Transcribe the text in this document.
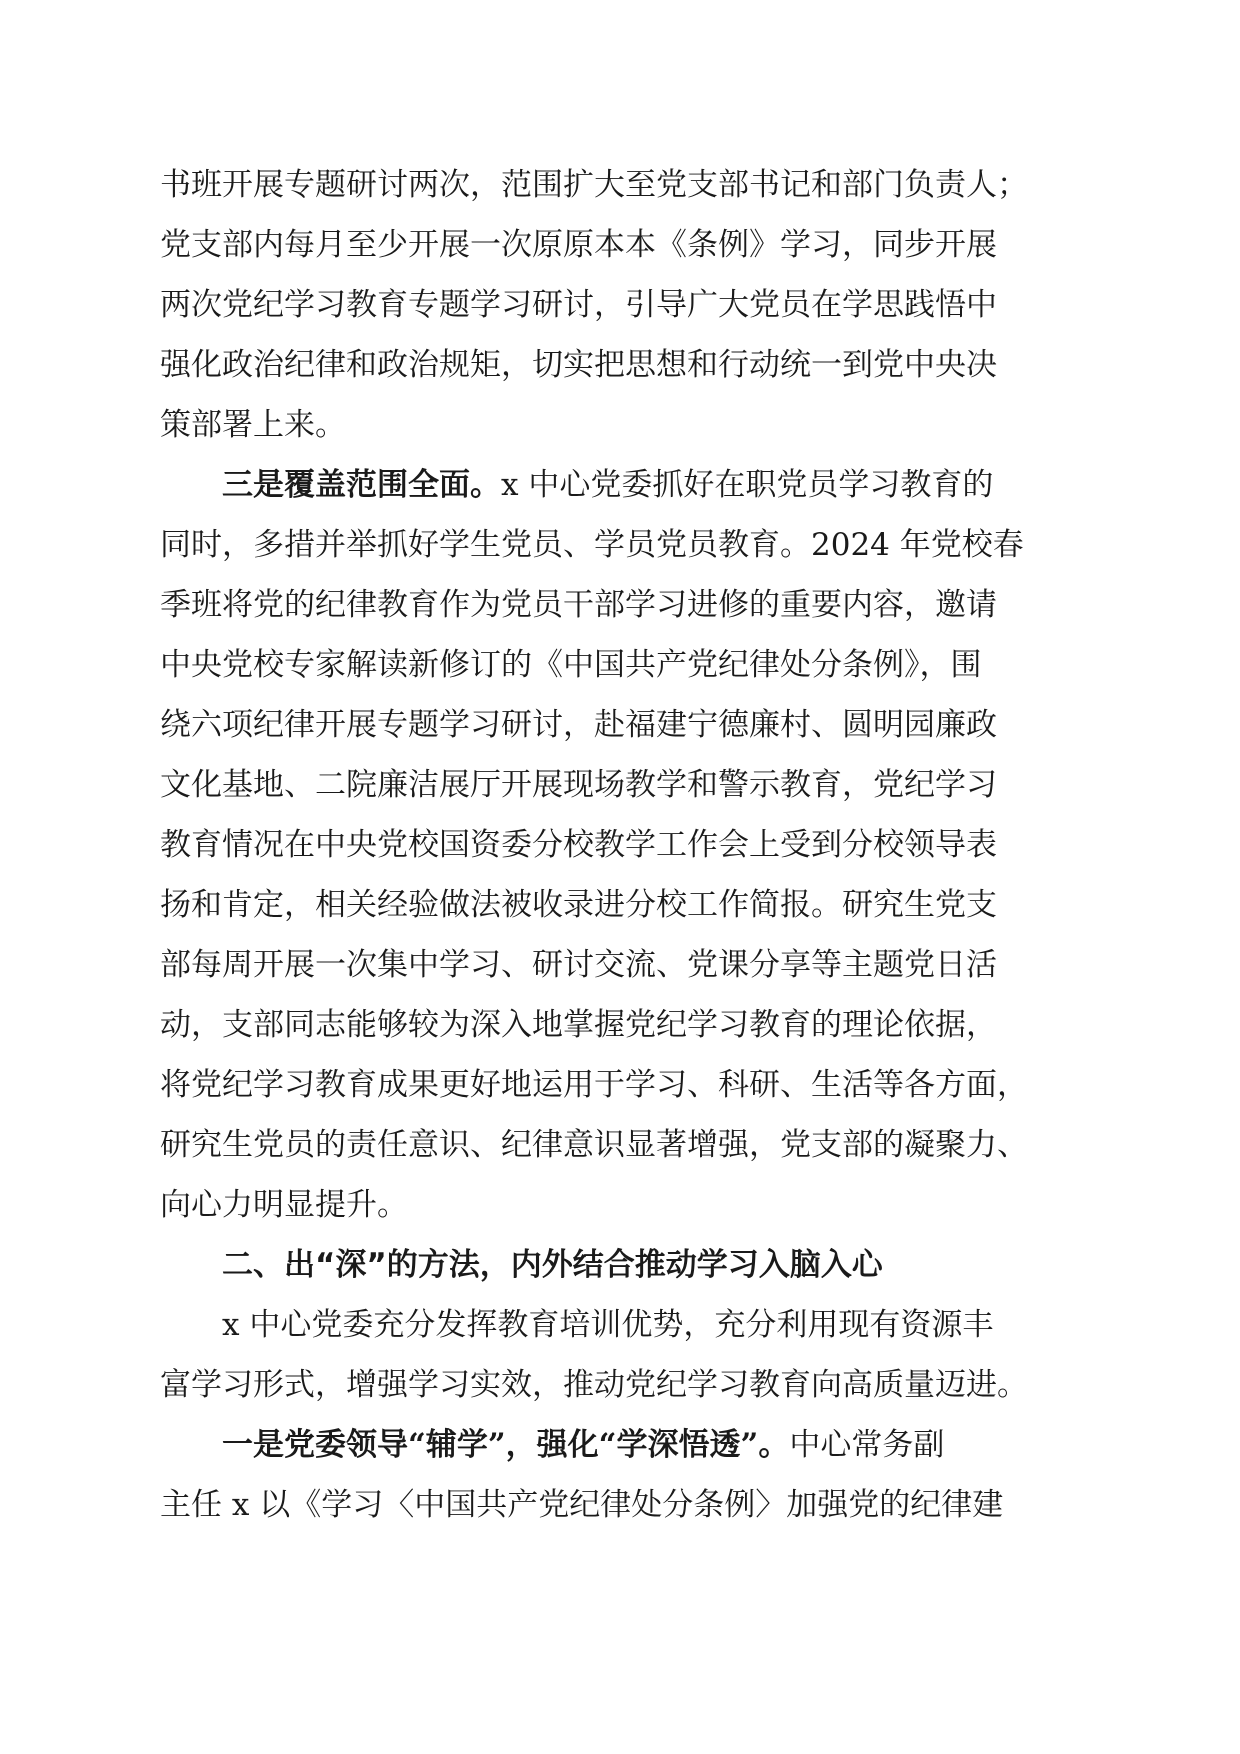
书班开展专题研讨两次，范围扩大至党支部书记和部门负责人；
党支部内每月至少开展一次原原本本《条例》学习，同步开展
两次党纪学习教育专题学习研讨，引导广大党员在学思践悟中
强化政治纪律和政治规矩，切实把思想和行动统一到党中央决
策部署上来。
三是覆盖范围全面。x 中心党委抓好在职党员学习教育的
同时，多措并举抓好学生党员、学员党员教育。2024 年党校春
季班将党的纪律教育作为党员干部学习进修的重要内容，邀请
中央党校专家解读新修订的《中国共产党纪律处分条例》，围
绕六项纪律开展专题学习研讨，赴福建宁德廉村、圆明园廉政
文化基地、二院廉洁展厅开展现场教学和警示教育，党纪学习
教育情况在中央党校国资委分校教学工作会上受到分校领导表
扬和肯定，相关经验做法被收录进分校工作简报。研究生党支
部每周开展一次集中学习、研讨交流、党课分享等主题党日活
动，支部同志能够较为深入地掌握党纪学习教育的理论依据，
将党纪学习教育成果更好地运用于学习、科研、生活等各方面，
研究生党员的责任意识、纪律意识显著增强，党支部的凝聚力、
向心力明显提升。
二、出“深”的方法，内外结合推动学习入脑入心
x 中心党委充分发挥教育培训优势，充分利用现有资源丰
富学习形式，增强学习实效，推动党纪学习教育向高质量迈进。
一是党委领导“辅学”，强化“学深悟透”。中心常务副
主任 x 以《学习〈中国共产党纪律处分条例〉加强党的纪律建
